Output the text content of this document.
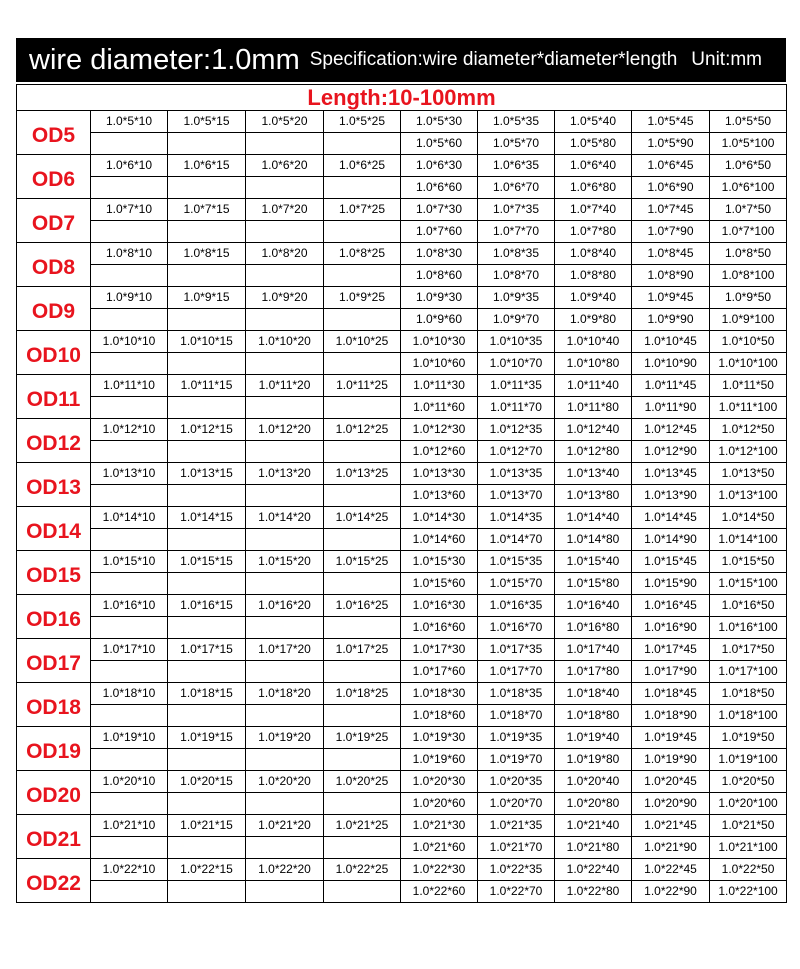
wire diameter:1.0mm Specification:wire diameter*diameter*length Unit:mm
Length:10-100mm									
OD5	1.0*5*10	1.0*5*15	1.0*5*20	1.0*5*25	1.0*5*30	1.0*5*35	1.0*5*40	1.0*5*45	1.0*5*50
					1.0*5*60	1.0*5*70	1.0*5*80	1.0*5*90	1.0*5*100
OD6	1.0*6*10	1.0*6*15	1.0*6*20	1.0*6*25	1.0*6*30	1.0*6*35	1.0*6*40	1.0*6*45	1.0*6*50
					1.0*6*60	1.0*6*70	1.0*6*80	1.0*6*90	1.0*6*100
OD7	1.0*7*10	1.0*7*15	1.0*7*20	1.0*7*25	1.0*7*30	1.0*7*35	1.0*7*40	1.0*7*45	1.0*7*50
					1.0*7*60	1.0*7*70	1.0*7*80	1.0*7*90	1.0*7*100
OD8	1.0*8*10	1.0*8*15	1.0*8*20	1.0*8*25	1.0*8*30	1.0*8*35	1.0*8*40	1.0*8*45	1.0*8*50
					1.0*8*60	1.0*8*70	1.0*8*80	1.0*8*90	1.0*8*100
OD9	1.0*9*10	1.0*9*15	1.0*9*20	1.0*9*25	1.0*9*30	1.0*9*35	1.0*9*40	1.0*9*45	1.0*9*50
					1.0*9*60	1.0*9*70	1.0*9*80	1.0*9*90	1.0*9*100
OD10	1.0*10*10	1.0*10*15	1.0*10*20	1.0*10*25	1.0*10*30	1.0*10*35	1.0*10*40	1.0*10*45	1.0*10*50
					1.0*10*60	1.0*10*70	1.0*10*80	1.0*10*90	1.0*10*100
OD11	1.0*11*10	1.0*11*15	1.0*11*20	1.0*11*25	1.0*11*30	1.0*11*35	1.0*11*40	1.0*11*45	1.0*11*50
					1.0*11*60	1.0*11*70	1.0*11*80	1.0*11*90	1.0*11*100
OD12	1.0*12*10	1.0*12*15	1.0*12*20	1.0*12*25	1.0*12*30	1.0*12*35	1.0*12*40	1.0*12*45	1.0*12*50
					1.0*12*60	1.0*12*70	1.0*12*80	1.0*12*90	1.0*12*100
OD13	1.0*13*10	1.0*13*15	1.0*13*20	1.0*13*25	1.0*13*30	1.0*13*35	1.0*13*40	1.0*13*45	1.0*13*50
					1.0*13*60	1.0*13*70	1.0*13*80	1.0*13*90	1.0*13*100
OD14	1.0*14*10	1.0*14*15	1.0*14*20	1.0*14*25	1.0*14*30	1.0*14*35	1.0*14*40	1.0*14*45	1.0*14*50
					1.0*14*60	1.0*14*70	1.0*14*80	1.0*14*90	1.0*14*100
OD15	1.0*15*10	1.0*15*15	1.0*15*20	1.0*15*25	1.0*15*30	1.0*15*35	1.0*15*40	1.0*15*45	1.0*15*50
					1.0*15*60	1.0*15*70	1.0*15*80	1.0*15*90	1.0*15*100
OD16	1.0*16*10	1.0*16*15	1.0*16*20	1.0*16*25	1.0*16*30	1.0*16*35	1.0*16*40	1.0*16*45	1.0*16*50
					1.0*16*60	1.0*16*70	1.0*16*80	1.0*16*90	1.0*16*100
OD17	1.0*17*10	1.0*17*15	1.0*17*20	1.0*17*25	1.0*17*30	1.0*17*35	1.0*17*40	1.0*17*45	1.0*17*50
					1.0*17*60	1.0*17*70	1.0*17*80	1.0*17*90	1.0*17*100
OD18	1.0*18*10	1.0*18*15	1.0*18*20	1.0*18*25	1.0*18*30	1.0*18*35	1.0*18*40	1.0*18*45	1.0*18*50
					1.0*18*60	1.0*18*70	1.0*18*80	1.0*18*90	1.0*18*100
OD19	1.0*19*10	1.0*19*15	1.0*19*20	1.0*19*25	1.0*19*30	1.0*19*35	1.0*19*40	1.0*19*45	1.0*19*50
					1.0*19*60	1.0*19*70	1.0*19*80	1.0*19*90	1.0*19*100
OD20	1.0*20*10	1.0*20*15	1.0*20*20	1.0*20*25	1.0*20*30	1.0*20*35	1.0*20*40	1.0*20*45	1.0*20*50
					1.0*20*60	1.0*20*70	1.0*20*80	1.0*20*90	1.0*20*100
OD21	1.0*21*10	1.0*21*15	1.0*21*20	1.0*21*25	1.0*21*30	1.0*21*35	1.0*21*40	1.0*21*45	1.0*21*50
					1.0*21*60	1.0*21*70	1.0*21*80	1.0*21*90	1.0*21*100
OD22	1.0*22*10	1.0*22*15	1.0*22*20	1.0*22*25	1.0*22*30	1.0*22*35	1.0*22*40	1.0*22*45	1.0*22*50
					1.0*22*60	1.0*22*70	1.0*22*80	1.0*22*90	1.0*22*100
